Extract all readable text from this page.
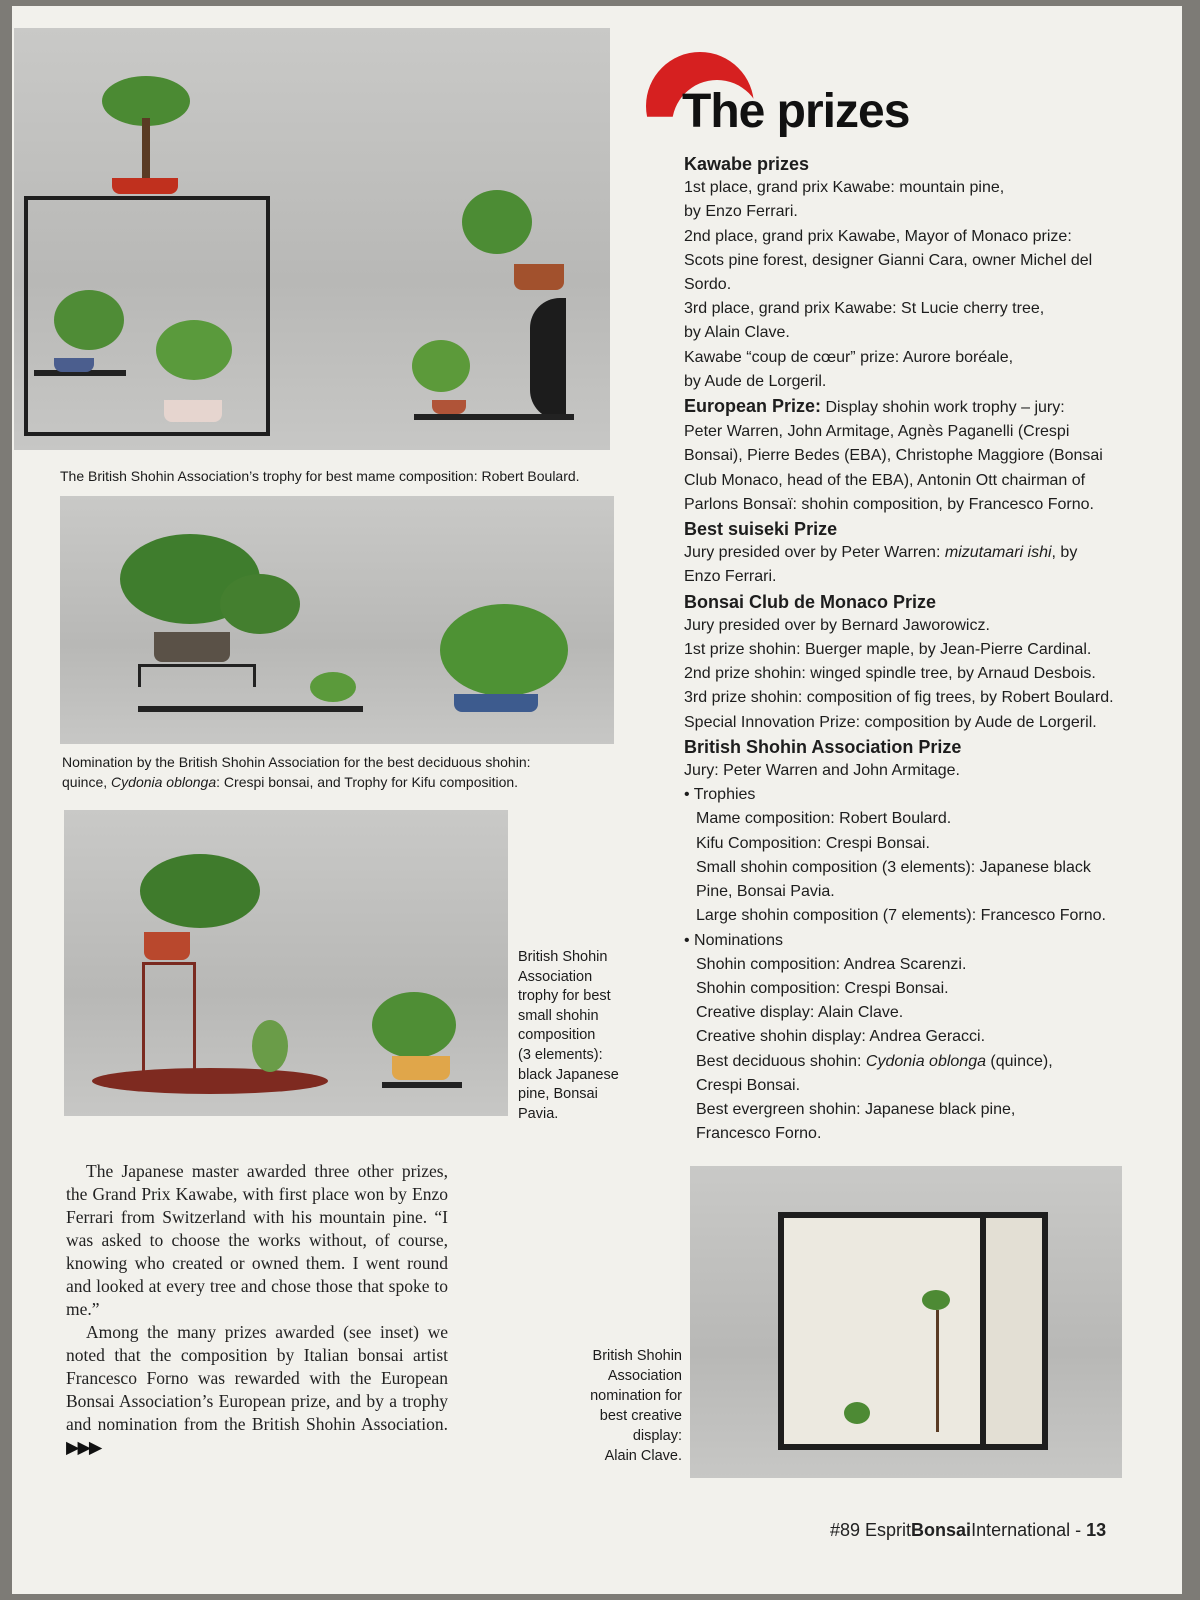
The British Shohin Association’s trophy for best mame composition: Robert Boulard.
Nomination by the British Shohin Association for the best deciduous shohin:
quince, Cydonia oblonga: Crespi bonsai, and Trophy for Kifu composition.
British Shohin
Association
trophy for best
small shohin
composition
(3 elements):
black Japanese
pine, Bonsai
Pavia.
British Shohin
Association
nomination for
best creative
display:
Alain Clave.
The prizes
Kawabe prizes
1st place, grand prix Kawabe: mountain pine,
by Enzo Ferrari.
2nd place, grand prix Kawabe, Mayor of Monaco prize:
Scots pine forest, designer Gianni Cara, owner Michel del
Sordo.
3rd place, grand prix Kawabe: St Lucie cherry tree,
by Alain Clave.
Kawabe “coup de cœur” prize: Aurore boréale,
by Aude de Lorgeril.
European Prize: Display shohin work trophy – jury:
Peter Warren, John Armitage, Agnès Paganelli (Crespi
Bonsai), Pierre Bedes (EBA), Christophe Maggiore (Bonsai
Club Monaco, head of the EBA), Antonin Ott chairman of
Parlons Bonsaï: shohin composition, by Francesco Forno.
Best suiseki Prize
Jury presided over by Peter Warren: mizutamari ishi, by
Enzo Ferrari.
Bonsai Club de Monaco Prize
Jury presided over by Bernard Jaworowicz.
1st prize shohin: Buerger maple, by Jean-Pierre Cardinal.
2nd prize shohin: winged spindle tree, by Arnaud Desbois.
3rd prize shohin: composition of fig trees, by Robert Boulard.
Special Innovation Prize: composition by Aude de Lorgeril.
British Shohin Association Prize
Jury: Peter Warren and John Armitage.
• Trophies
Mame composition: Robert Boulard.
Kifu Composition: Crespi Bonsai.
Small shohin composition (3 elements): Japanese black
Pine, Bonsai Pavia.
Large shohin composition (7 elements): Francesco Forno.
• Nominations
Shohin composition: Andrea Scarenzi.
Shohin composition: Crespi Bonsai.
Creative display: Alain Clave.
Creative shohin display: Andrea Geracci.
Best deciduous shohin: Cydonia oblonga (quince),
Crespi Bonsai.
Best evergreen shohin: Japanese black pine,
Francesco Forno.

The Japanese master awarded three other prizes, the Grand Prix Kawabe, with first place won by Enzo Ferrari from Switzerland with his mountain pine. “I was asked to choose the works without, of course, knowing who created or owned them. I went round and looked at every tree and chose those that spoke to me.”

Among the many prizes awarded (see inset) we noted that the composition by Italian bonsai artist Francesco Forno was rewarded with the European Bonsai Association’s European prize, and by a trophy and nomination from the British Shohin Association. ▶▶▶

#89 EspritBonsaiInternational - 13
